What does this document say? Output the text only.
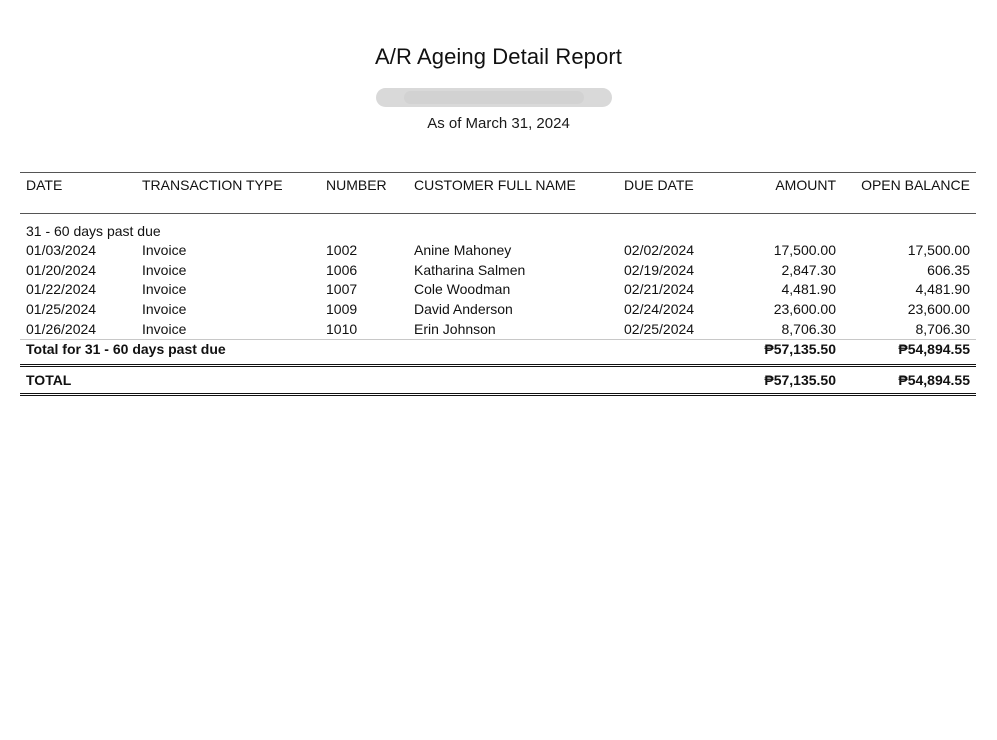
A/R Ageing Detail Report
As of March 31, 2024
DATE	TRANSACTION TYPE	NUMBER	CUSTOMER FULL NAME	DUE DATE	AMOUNT	OPEN BALANCE

31 - 60 days past due						
01/03/2024	Invoice	1002	Anine Mahoney	02/02/2024	17,500.00	17,500.00
01/20/2024	Invoice	1006	Katharina Salmen	02/19/2024	2,847.30	606.35
01/22/2024	Invoice	1007	Cole Woodman	02/21/2024	4,481.90	4,481.90
01/25/2024	Invoice	1009	David Anderson	02/24/2024	23,600.00	23,600.00
01/26/2024	Invoice	1010	Erin Johnson	02/25/2024	8,706.30	8,706.30
Total for 31 - 60 days past due					₱57,135.50	₱54,894.55

TOTAL					₱57,135.50	₱54,894.55
